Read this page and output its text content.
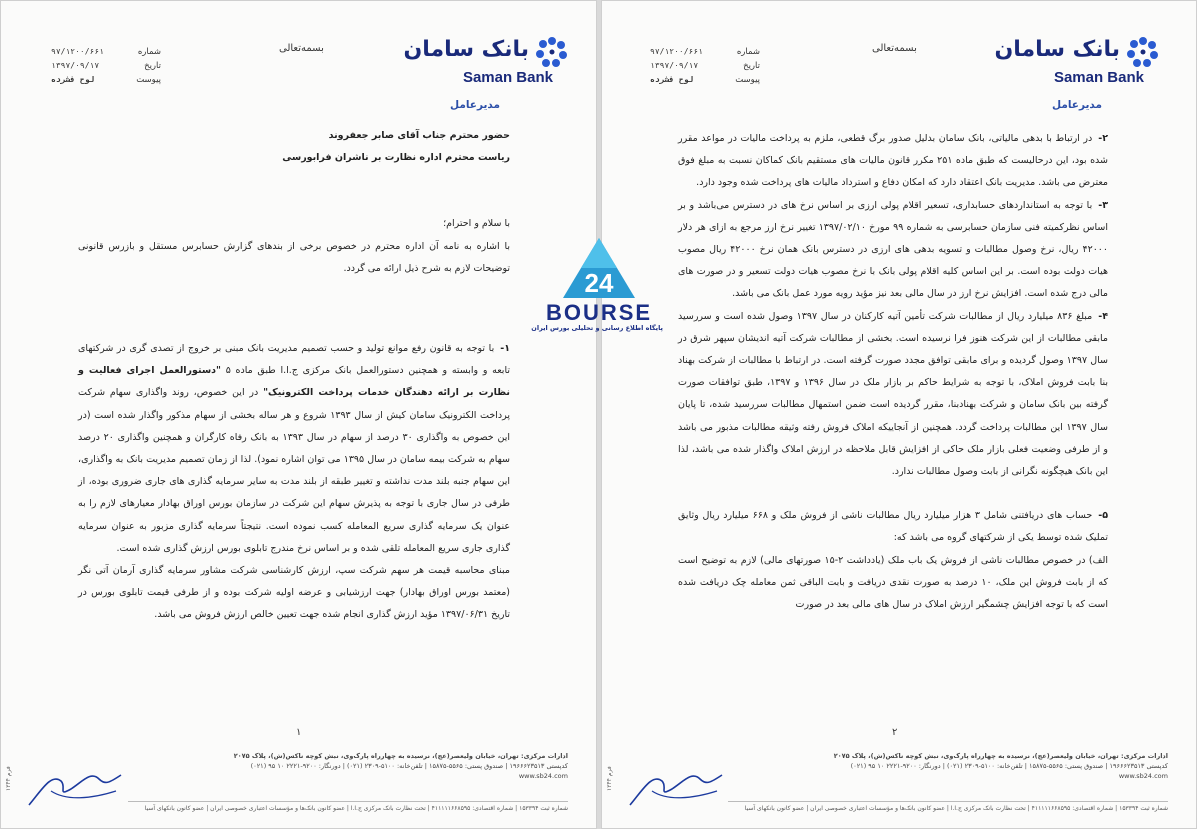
بانک سامان
Saman Bank
بسمه‌تعالی
شماره
۹۷/۱۲۰۰/۶۶۱
تاریخ
۱۳۹۷/۰۹/۱۷
پیوست
لوح فشرده
مدیرعامل
حضور محترم جناب آقای صابر جعفروند
ریاست محترم اداره نظارت بر ناشران فرابورسی
با سلام و احترام؛
با اشاره به نامه آن اداره محترم در خصوص برخی از بندهای گزارش حسابرس مستقل و بازرس قانونی توضیحات لازم به شرح ذیل ارائه می گردد.
۱-با توجه به قانون رفع موانع تولید و حسب تصمیم مدیریت بانک مبنی بر خروج از تصدی گری در شرکتهای تابعه و وابسته و همچنین دستورالعمل بانک مرکزی ج.ا.ا طبق ماده ۵ "دستورالعمل اجرای فعالیت و نظارت بر ارائه دهندگان خدمات پرداخت الکترونیک" در این خصوص، روند واگذاری سهام شرکت پرداخت الکترونیک سامان کیش از سال ۱۳۹۳ شروع و هر ساله بخشی از سهام مذکور واگذار شده است (در این خصوص به واگذاری ۳۰ درصد از سهام در سال ۱۳۹۳ به بانک رفاه کارگران و همچنین واگذاری ۲۰ درصد سهام به شرکت بیمه سامان در سال ۱۳۹۵ می توان اشاره نمود). لذا از زمان تصمیم مدیریت بانک به واگذاری، این سهام جنبه بلند مدت نداشته و تغییر طبقه از بلند مدت به سایر سرمایه گذاری های جاری ضروری بوده، از طرفی در سال جاری با توجه به پذیرش سهام این شرکت در سازمان بورس اوراق بهادار معیارهای لازم را به عنوان یک سرمایه گذاری سریع المعامله کسب نموده است. نتیجتاً سرمایه گذاری مزبور به عنوان سرمایه گذاری جاری سریع المعامله تلقی شده و بر اساس نرخ مندرج تابلوی بورس ارزش گذاری شده است.
مبنای محاسبه قیمت هر سهم شرکت سپ، ارزش کارشناسی شرکت مشاور سرمایه گذاری آرمان آتی نگر (معتمد بورس اوراق بهادار) جهت ارزشیابی و عرضه اولیه شرکت بوده و از طرفی قیمت تابلوی بورس در تاریخ ۱۳۹۷/۰۶/۳۱ مؤید ارزش گذاری انجام شده جهت تعیین خالص ارزش فروش می باشد.
۱
ادارات مرکزی: تهران، خیابان ولیعصر(عج)، نرسیده به چهارراه پارک‌وی، نبش کوچه ناکس(ش)، پلاک ۲۰۷۵
کدپستی ۱۹۶۶۶۲۳۵۱۳ | صندوق پستی: ۵۵۶۵-۱۵۸۷۵ | تلفن‌خانه: ۵۱۰۰-۲۳۰۹ (۰۲۱) | دورنگار: ۹۲۰۰-۲۲۲۱ ۱۰ ۹۵ (۰۲۱)
www.sb24.com
شماره ثبت ۱۵۳۳۹۴ | شماره اقتصادی: ۴۱۱۱۱۱۶۶۸۵۹۵ | تحت نظارت بانک مرکزی ج.ا.ا | عضو کانون بانک‌ها و مؤسسات اعتباری خصوصی ایران | عضو کانون بانکهای آسیا
فرم ۱۳۴۴
بانک سامان
Saman Bank
بسمه‌تعالی
شماره
۹۷/۱۲۰۰/۶۶۱
تاریخ
۱۳۹۷/۰۹/۱۷
پیوست
لوح فشرده
مدیرعامل
۲-در ارتباط با بدهی مالیاتی، بانک سامان بدلیل صدور برگ قطعی، ملزم به پرداخت مالیات در مواعد مقرر شده بود، این درحالیست که طبق ماده ۲۵۱ مکرر قانون مالیات های مستقیم بانک کماکان نسبت به مبلغ فوق معترض می باشد. مدیریت بانک اعتقاد دارد که امکان دفاع و استرداد مالیات های پرداخت شده وجود دارد.
۳-با توجه به استانداردهای حسابداری، تسعیر اقلام پولی ارزی بر اساس نرخ های در دسترس می‌باشد و بر اساس نظرکمیته فنی سازمان حسابرسی به شماره ۹۹ مورخ ۱۳۹۷/۰۲/۱۰ تغییر نرخ ارز مرجع به ازای هر دلار ۴۲۰۰۰ ریال، نرخ وصول مطالبات و تسویه بدهی های ارزی در دسترس بانک همان نرخ ۴۲۰۰۰ ریال مصوب هیات دولت بوده است. بر این اساس کلیه اقلام پولی بانک با نرخ مصوب هیات دولت تسعیر و در صورت های مالی درج شده است. افزایش نرخ ارز در سال مالی بعد نیز مؤید رویه مورد عمل بانک می باشد.
۴-مبلغ ۸۳۶ میلیارد ریال از مطالبات شرکت تأمین آتیه کارکنان در سال ۱۳۹۷ وصول شده است و سررسید مابقی مطالبات از این شرکت هنوز فرا نرسیده است. بخشی از مطالبات شرکت آتیه اندیشان سپهر شرق در سال ۱۳۹۷ وصول گردیده و برای مابقی توافق مجدد صورت گرفته است. در ارتباط با مطالبات از شرکت بهناد بنا بابت فروش املاک، با توجه به شرایط حاکم بر بازار ملک در سال ۱۳۹۶ و ۱۳۹۷، طبق توافقات صورت گرفته بین بانک سامان و شرکت بهنادبنا، مقرر گردیده است ضمن استمهال مطالبات سررسید شده، تا پایان سال ۱۳۹۷ این مطالبات پرداخت گردد. همچنین از آنجاییکه املاک فروش رفته وثیقه مطالبات مذبور می باشد و از طرفی وضعیت فعلی بازار ملک حاکی از افزایش قابل ملاحظه در ارزش املاک واگذار شده می باشد، لذا این بانک هیچگونه نگرانی از بابت وصول مطالبات ندارد.
۵-حساب های دریافتنی شامل ۳ هزار میلیارد ریال مطالبات ناشی از فروش ملک و ۶۶۸ میلیارد ریال وثایق تملیک شده توسط یکی از شرکتهای گروه می باشد که:
الف) در خصوص مطالبات ناشی از فروش یک باب ملک (یادداشت ۲-۱۵ صورتهای مالی) لازم به توضیح است که از بابت فروش این ملک، ۱۰ درصد به صورت نقدی دریافت و بابت الباقی ثمن معامله چک دریافت شده است که با توجه افزایش چشمگیر ارزش املاک در سال های مالی بعد در صورت
۲
ادارات مرکزی: تهران، خیابان ولیعصر(عج)، نرسیده به چهارراه پارک‌وی، نبش کوچه ناکس(ش)، پلاک ۲۰۷۵
کدپستی ۱۹۶۶۶۲۳۵۱۳ | صندوق پستی: ۵۵۶۵-۱۵۸۷۵ | تلفن‌خانه: ۵۱۰۰-۲۳۰۹ (۰۲۱) | دورنگار: ۹۲۰۰-۲۲۲۱ ۱۰ ۹۵ (۰۲۱)
www.sb24.com
شماره ثبت ۱۵۳۳۹۴ | شماره اقتصادی: ۴۱۱۱۱۱۶۶۸۵۹۵ | تحت نظارت بانک مرکزی ج.ا.ا | عضو کانون بانک‌ها و مؤسسات اعتباری خصوصی ایران | عضو کانون بانکهای آسیا
فرم ۱۳۴۴
24
BOURSE
پایگاه اطلاع رسانی و تحلیلی بورس ایران
